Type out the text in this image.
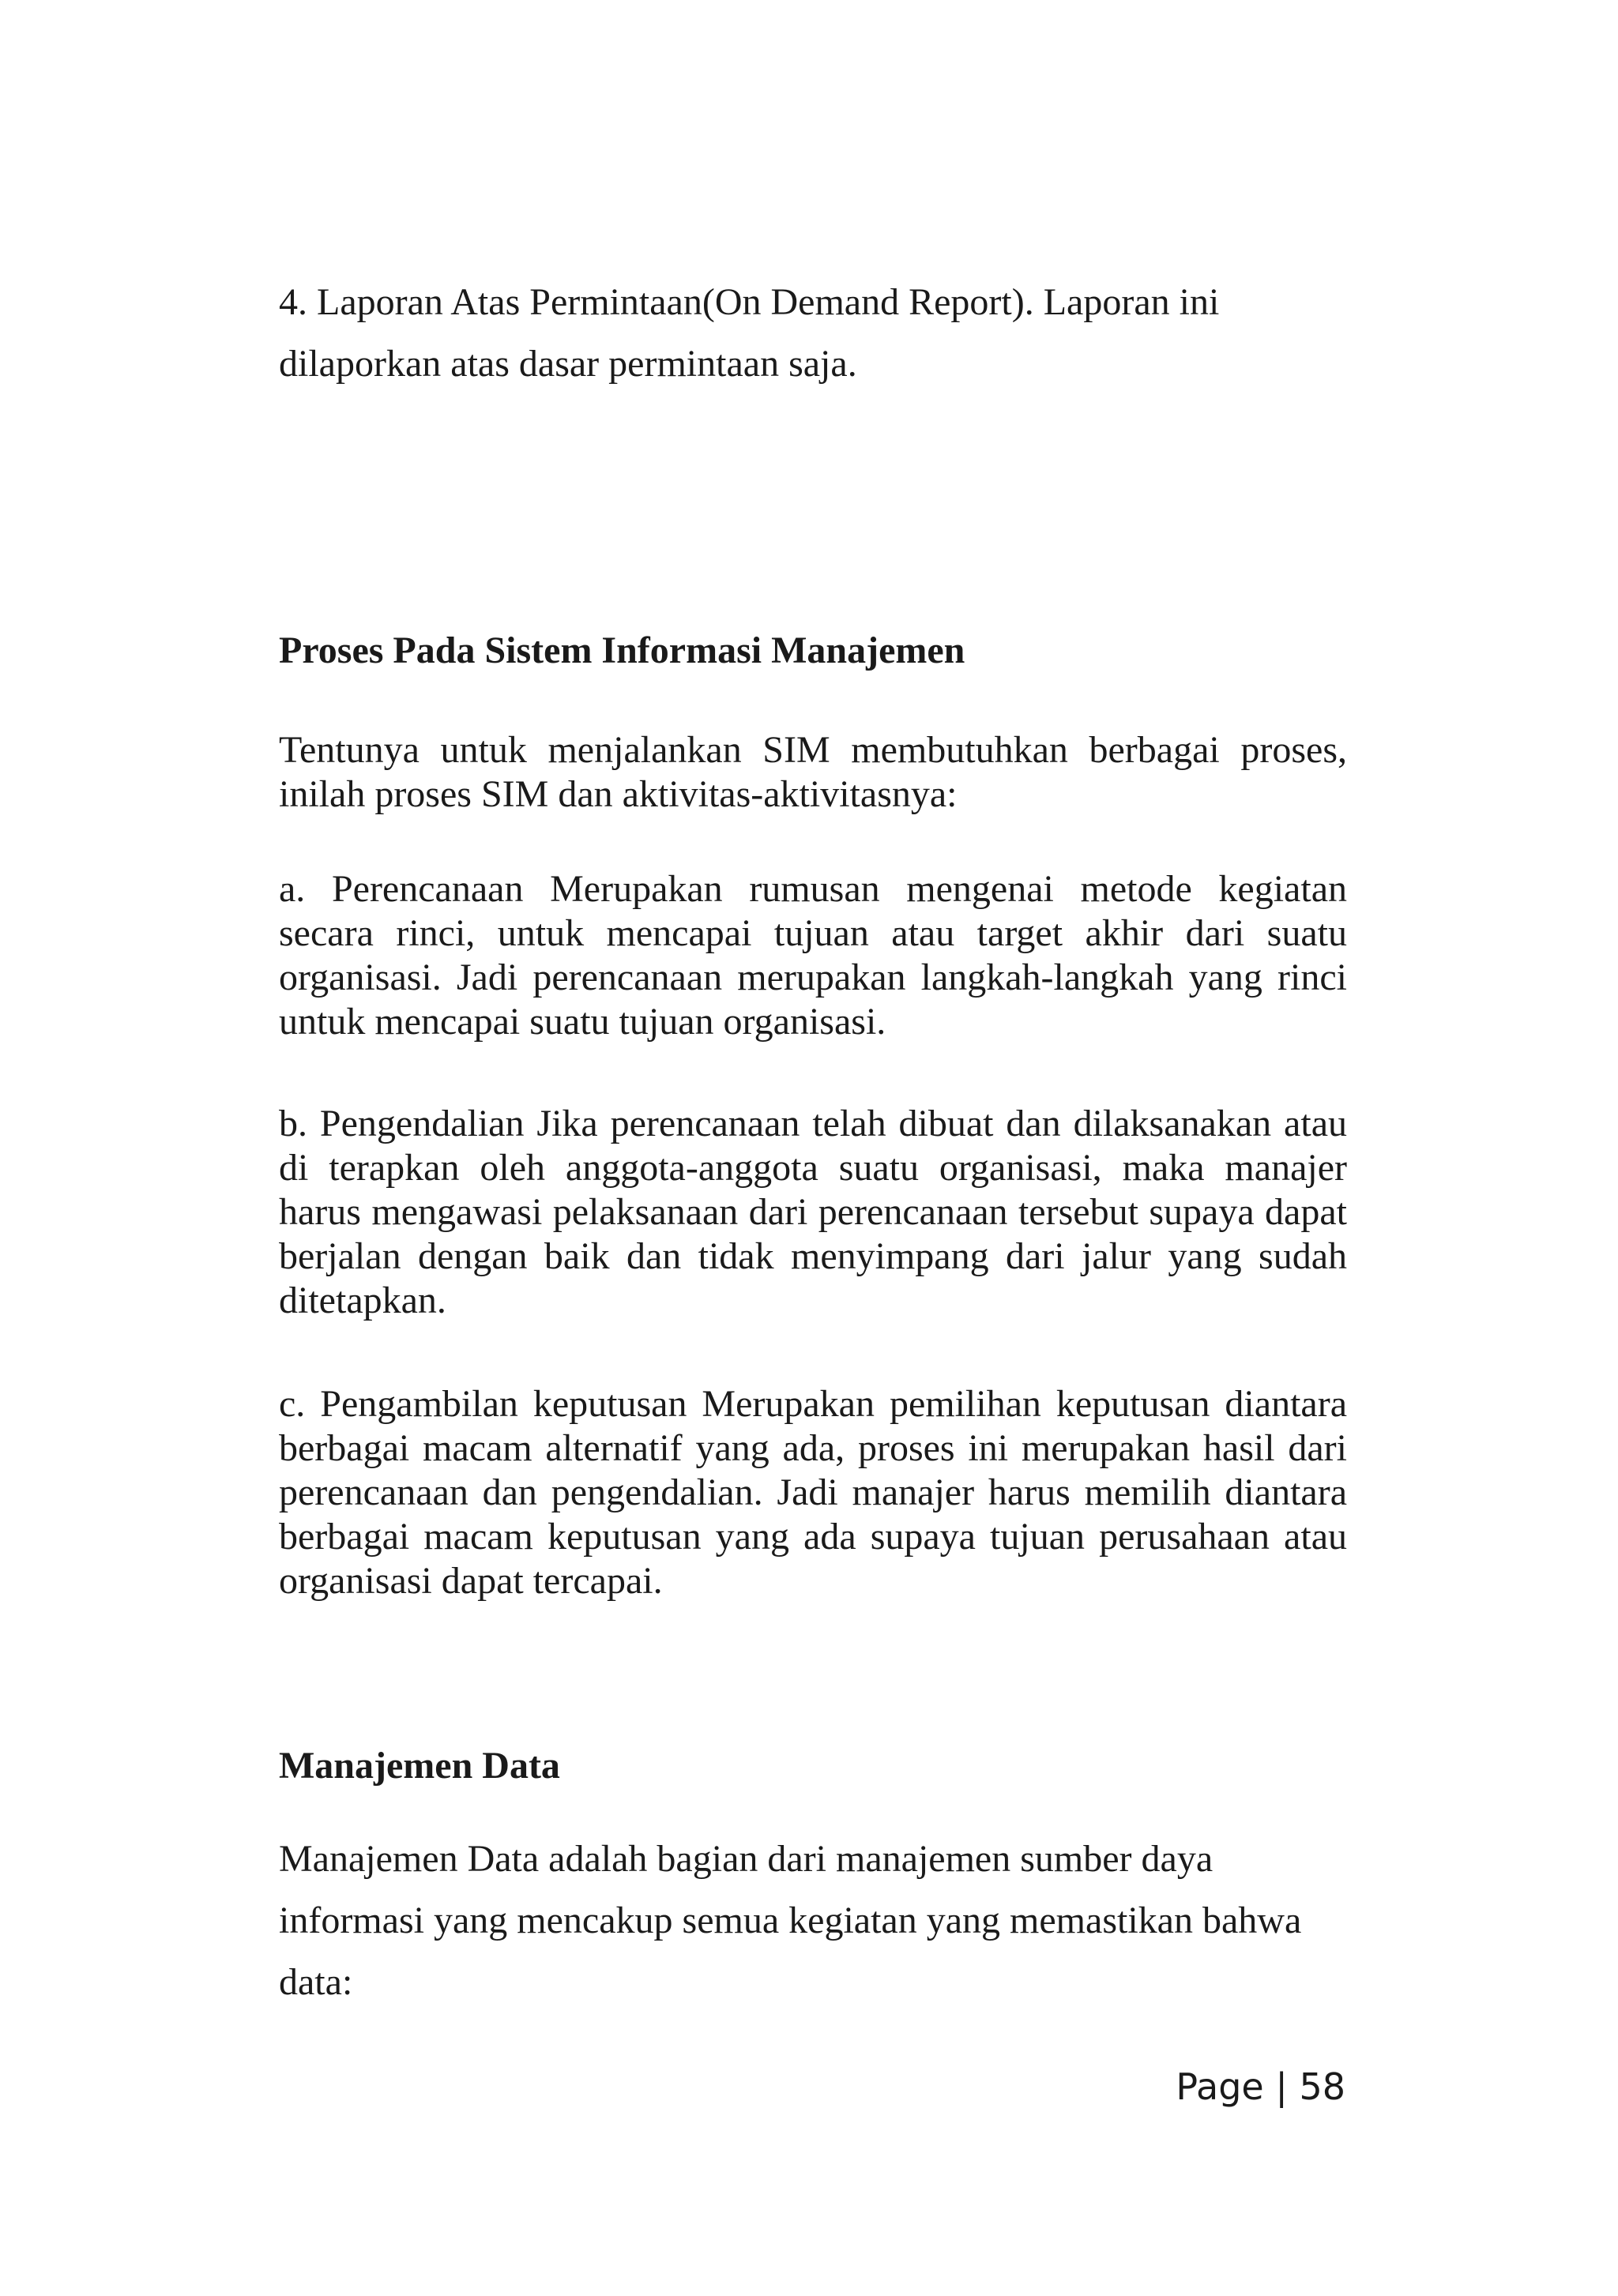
4. Laporan Atas Permintaan(On Demand Report). Laporan ini dilaporkan atas dasar permintaan saja.

Proses Pada Sistem Informasi Manajemen

Tentunya untuk menjalankan SIM membutuhkan berbagai proses, inilah proses SIM dan aktivitas-aktivitasnya:

a. Perencanaan Merupakan rumusan mengenai metode kegiatan secara rinci, untuk mencapai tujuan atau target akhir dari suatu organisasi. Jadi perencanaan merupakan langkah-langkah yang rinci untuk mencapai suatu tujuan organisasi.

b. Pengendalian Jika perencanaan telah dibuat dan dilaksanakan atau di terapkan oleh anggota-anggota suatu organisasi, maka manajer harus mengawasi pelaksanaan dari perencanaan tersebut supaya dapat berjalan dengan baik dan tidak menyimpang dari jalur yang sudah ditetapkan.

c. Pengambilan keputusan Merupakan pemilihan keputusan diantara berbagai macam alternatif yang ada, proses ini merupakan hasil dari perencanaan dan pengendalian. Jadi manajer harus memilih diantara berbagai macam keputusan yang ada supaya tujuan perusahaan atau organisasi dapat tercapai.

Manajemen Data

Manajemen Data adalah bagian dari manajemen sumber daya informasi yang mencakup semua kegiatan yang memastikan bahwa data:

Page | 58
